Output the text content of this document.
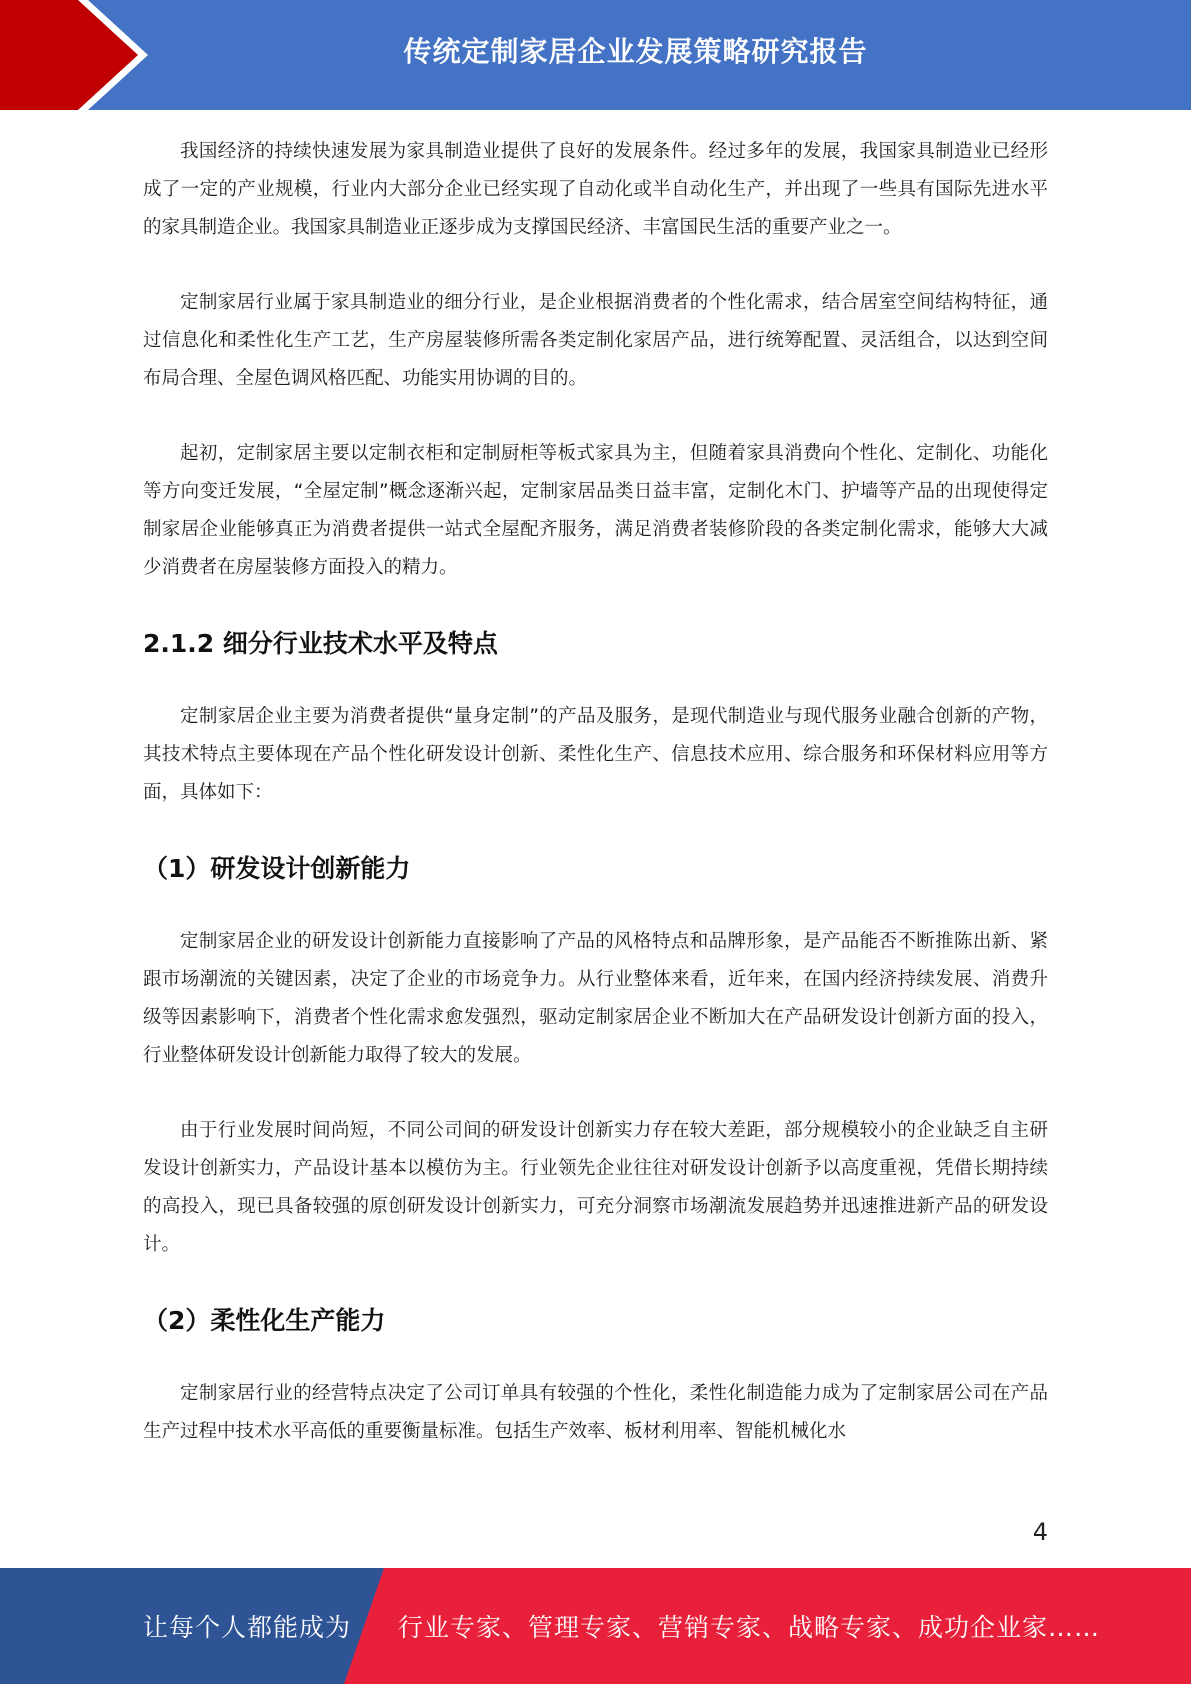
传统定制家居企业发展策略研究报告

我国经济的持续快速发展为家具制造业提供了良好的发展条件。经过多年的发展，我国家具制造业已经形成了一定的产业规模，行业内大部分企业已经实现了自动化或半自动化生产，并出现了一些具有国际先进水平的家具制造企业。我国家具制造业正逐步成为支撑国民经济、丰富国民生活的重要产业之一。

定制家居行业属于家具制造业的细分行业，是企业根据消费者的个性化需求，结合居室空间结构特征，通过信息化和柔性化生产工艺，生产房屋装修所需各类定制化家居产品，进行统筹配置、灵活组合，以达到空间布局合理、全屋色调风格匹配、功能实用协调的目的。

起初，定制家居主要以定制衣柜和定制厨柜等板式家具为主，但随着家具消费向个性化、定制化、功能化等方向变迁发展，“全屋定制”概念逐渐兴起，定制家居品类日益丰富，定制化木门、护墙等产品的出现使得定制家居企业能够真正为消费者提供一站式全屋配齐服务，满足消费者装修阶段的各类定制化需求，能够大大减少消费者在房屋装修方面投入的精力。

2.1.2 细分行业技术水平及特点

定制家居企业主要为消费者提供“量身定制”的产品及服务，是现代制造业与现代服务业融合创新的产物，其技术特点主要体现在产品个性化研发设计创新、柔性化生产、信息技术应用、综合服务和环保材料应用等方面，具体如下：

（1）研发设计创新能力

定制家居企业的研发设计创新能力直接影响了产品的风格特点和品牌形象，是产品能否不断推陈出新、紧跟市场潮流的关键因素，决定了企业的市场竞争力。从行业整体来看，近年来，在国内经济持续发展、消费升级等因素影响下，消费者个性化需求愈发强烈，驱动定制家居企业不断加大在产品研发设计创新方面的投入，行业整体研发设计创新能力取得了较大的发展。

由于行业发展时间尚短，不同公司间的研发设计创新实力存在较大差距，部分规模较小的企业缺乏自主研发设计创新实力，产品设计基本以模仿为主。行业领先企业往往对研发设计创新予以高度重视，凭借长期持续的高投入，现已具备较强的原创研发设计创新实力，可充分洞察市场潮流发展趋势并迅速推进新产品的研发设计。

（2）柔性化生产能力

定制家居行业的经营特点决定了公司订单具有较强的个性化，柔性化制造能力成为了定制家居公司在产品生产过程中技术水平高低的重要衡量标准。包括生产效率、板材利用率、智能机械化水

4
让每个人都能成为 行业专家、管理专家、营销专家、战略专家、成功企业家……
